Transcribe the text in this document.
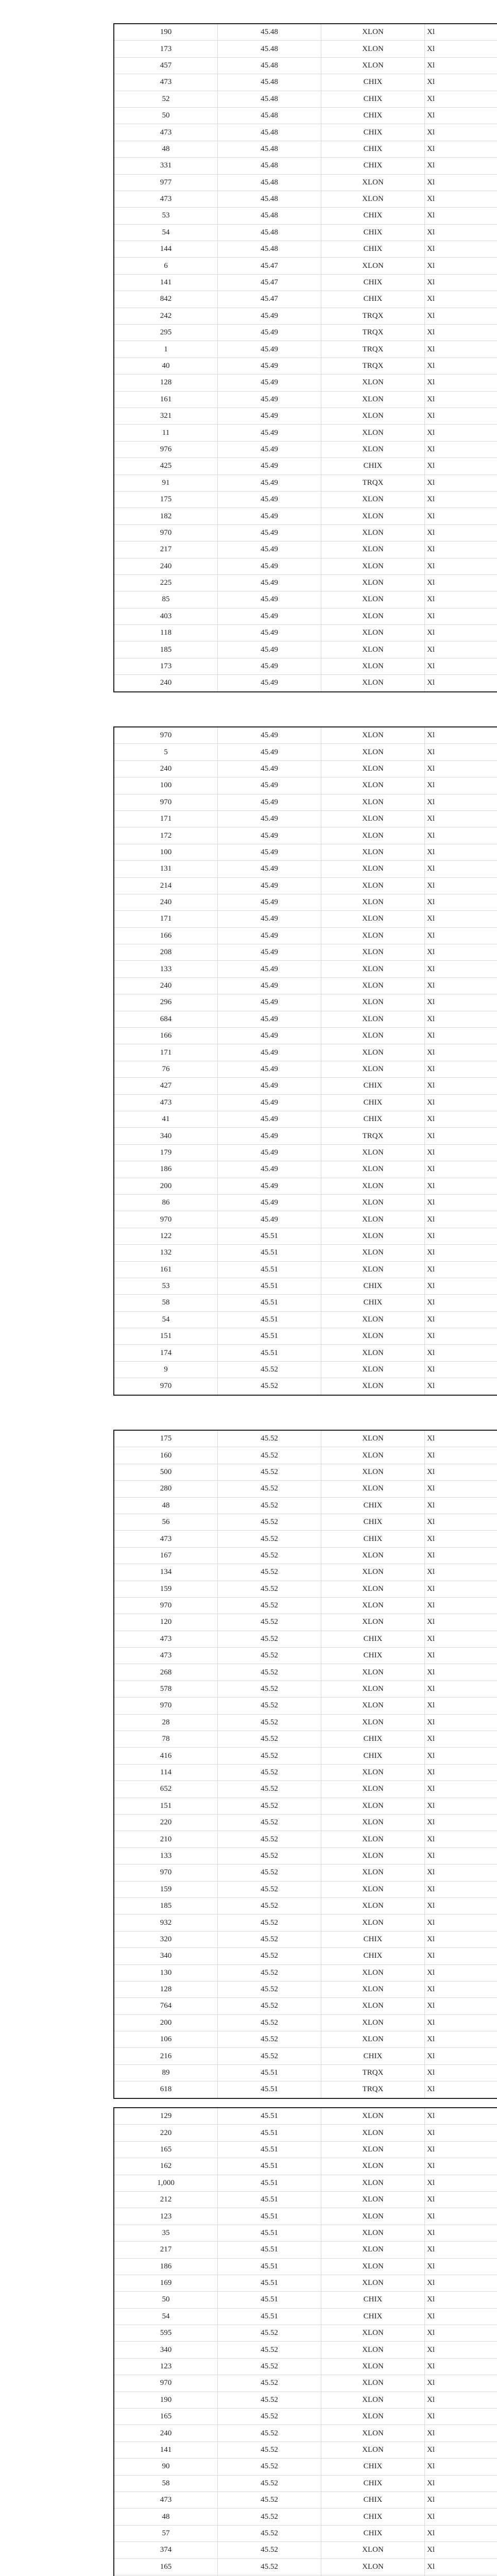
190	45.48	XLON	Xl
173	45.48	XLON	Xl
457	45.48	XLON	Xl
473	45.48	CHIX	Xl
52	45.48	CHIX	Xl
50	45.48	CHIX	Xl
473	45.48	CHIX	Xl
48	45.48	CHIX	Xl
331	45.48	CHIX	Xl
977	45.48	XLON	Xl
473	45.48	XLON	Xl
53	45.48	CHIX	Xl
54	45.48	CHIX	Xl
144	45.48	CHIX	Xl
6	45.47	XLON	Xl
141	45.47	CHIX	Xl
842	45.47	CHIX	Xl
242	45.49	TRQX	Xl
295	45.49	TRQX	Xl
1	45.49	TRQX	Xl
40	45.49	TRQX	Xl
128	45.49	XLON	Xl
161	45.49	XLON	Xl
321	45.49	XLON	Xl
11	45.49	XLON	Xl
976	45.49	XLON	Xl
425	45.49	CHIX	Xl
91	45.49	TRQX	Xl
175	45.49	XLON	Xl
182	45.49	XLON	Xl
970	45.49	XLON	Xl
217	45.49	XLON	Xl
240	45.49	XLON	Xl
225	45.49	XLON	Xl
85	45.49	XLON	Xl
403	45.49	XLON	Xl
118	45.49	XLON	Xl
185	45.49	XLON	Xl
173	45.49	XLON	Xl
240	45.49	XLON	Xl
970	45.49	XLON	Xl
5	45.49	XLON	Xl
240	45.49	XLON	Xl
100	45.49	XLON	Xl
970	45.49	XLON	Xl
171	45.49	XLON	Xl
172	45.49	XLON	Xl
100	45.49	XLON	Xl
131	45.49	XLON	Xl
214	45.49	XLON	Xl
240	45.49	XLON	Xl
171	45.49	XLON	Xl
166	45.49	XLON	Xl
208	45.49	XLON	Xl
133	45.49	XLON	Xl
240	45.49	XLON	Xl
296	45.49	XLON	Xl
684	45.49	XLON	Xl
166	45.49	XLON	Xl
171	45.49	XLON	Xl
76	45.49	XLON	Xl
427	45.49	CHIX	Xl
473	45.49	CHIX	Xl
41	45.49	CHIX	Xl
340	45.49	TRQX	Xl
179	45.49	XLON	Xl
186	45.49	XLON	Xl
200	45.49	XLON	Xl
86	45.49	XLON	Xl
970	45.49	XLON	Xl
122	45.51	XLON	Xl
132	45.51	XLON	Xl
161	45.51	XLON	Xl
53	45.51	CHIX	Xl
58	45.51	CHIX	Xl
54	45.51	XLON	Xl
151	45.51	XLON	Xl
174	45.51	XLON	Xl
9	45.52	XLON	Xl
970	45.52	XLON	Xl
175	45.52	XLON	Xl
160	45.52	XLON	Xl
500	45.52	XLON	Xl
280	45.52	XLON	Xl
48	45.52	CHIX	Xl
56	45.52	CHIX	Xl
473	45.52	CHIX	Xl
167	45.52	XLON	Xl
134	45.52	XLON	Xl
159	45.52	XLON	Xl
970	45.52	XLON	Xl
120	45.52	XLON	Xl
473	45.52	CHIX	Xl
473	45.52	CHIX	Xl
268	45.52	XLON	Xl
578	45.52	XLON	Xl
970	45.52	XLON	Xl
28	45.52	XLON	Xl
78	45.52	CHIX	Xl
416	45.52	CHIX	Xl
114	45.52	XLON	Xl
652	45.52	XLON	Xl
151	45.52	XLON	Xl
220	45.52	XLON	Xl
210	45.52	XLON	Xl
133	45.52	XLON	Xl
970	45.52	XLON	Xl
159	45.52	XLON	Xl
185	45.52	XLON	Xl
932	45.52	XLON	Xl
320	45.52	CHIX	Xl
340	45.52	CHIX	Xl
130	45.52	XLON	Xl
128	45.52	XLON	Xl
764	45.52	XLON	Xl
200	45.52	XLON	Xl
106	45.52	XLON	Xl
216	45.52	CHIX	Xl
89	45.51	TRQX	Xl
618	45.51	TRQX	Xl
129	45.51	XLON	Xl
220	45.51	XLON	Xl
165	45.51	XLON	Xl
162	45.51	XLON	Xl
1,000	45.51	XLON	Xl
212	45.51	XLON	Xl
123	45.51	XLON	Xl
35	45.51	XLON	Xl
217	45.51	XLON	Xl
186	45.51	XLON	Xl
169	45.51	XLON	Xl
50	45.51	CHIX	Xl
54	45.51	CHIX	Xl
595	45.52	XLON	Xl
340	45.52	XLON	Xl
123	45.52	XLON	Xl
970	45.52	XLON	Xl
190	45.52	XLON	Xl
165	45.52	XLON	Xl
240	45.52	XLON	Xl
141	45.52	XLON	Xl
90	45.52	CHIX	Xl
58	45.52	CHIX	Xl
473	45.52	CHIX	Xl
48	45.52	CHIX	Xl
57	45.52	CHIX	Xl
374	45.52	XLON	Xl
165	45.52	XLON	Xl
